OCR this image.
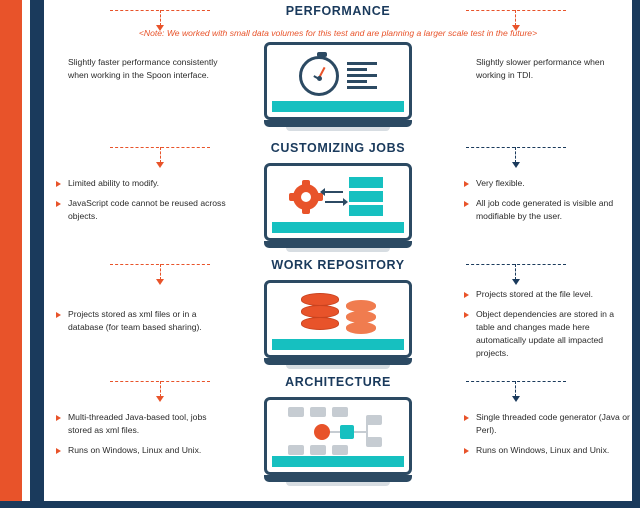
PERFORMANCE
<Note: We worked with small data volumes for this test and are planning a larger scale test in the future>
Slightly faster performance consistently when working in the Spoon interface.
Slightly slower performance when working in TDI.
CUSTOMIZING JOBS
Limited ability to modify.
JavaScript code cannot be reused across objects.
Very flexible.
All job code generated is visible and modifiable by the user.
WORK REPOSITORY
Projects stored as xml files or in a database (for team based sharing).
Projects stored at the file level.
Object dependencies are stored in a table and changes made here automatically update all impacted projects.
ARCHITECTURE
Multi-threaded Java-based tool, jobs stored as xml files.
Runs on Windows, Linux and Unix.
Single threaded code generator (Java or Perl).
Runs on Windows, Linux and Unix.
